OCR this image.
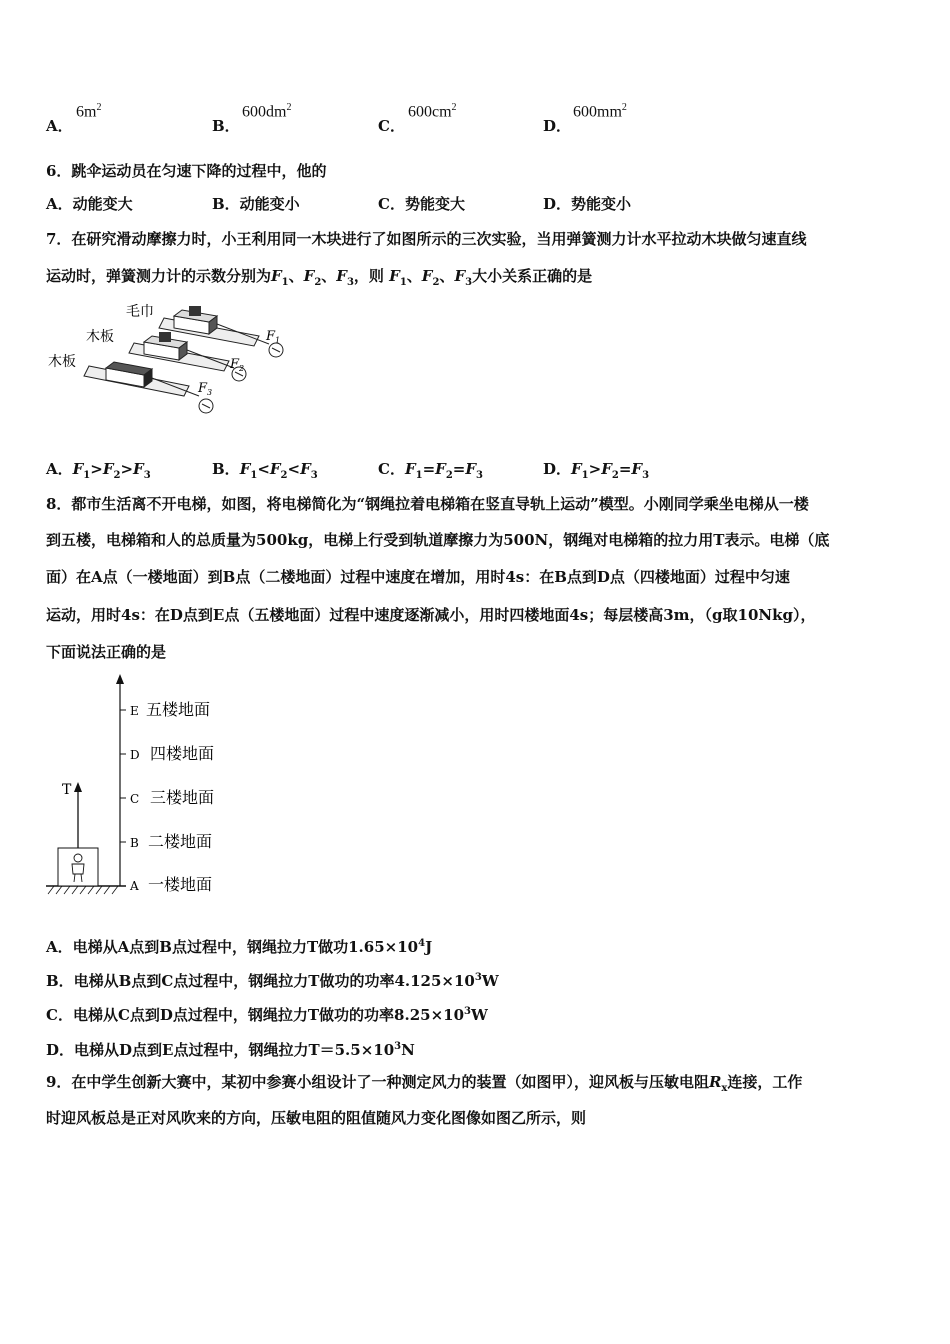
A．
$6m^2$
B．
$600dm^2$
C．
$600cm^2$
D．
$600mm^2$
6．跳伞运动员在匀速下降的过程中，他的
A．动能变大	B．动能变小	C．势能变大	D．势能变小
7．在研究滑动摩擦力时，小王利用同一木块进行了如图所示的三次实验，当用弹簧测力计水平拉动木块做匀速直线
运动时，弹簧测力计的示数分别为$F_1$、$F_2$、$F_3$，则 $F_1$、$F_2$、$F_3$大小关系正确的是
毛巾
木板
木板
$F_1$
$F_2$
$F_3$
A．$F_1>F_2>F_3$	B．$F_1<F_2<F_3$	C．$F_1=F_2=F_3$	D．$F_1>F_2=F_3$
8．都市生活离不开电梯，如图，将电梯简化为“钢绳拉着电梯箱在竖直导轨上运动”模型。小刚同学乘坐电梯从一楼
到五楼，电梯箱和人的总质量为500kg，电梯上行受到轨道摩擦力为500N，钢绳对电梯箱的拉力用T表示。电梯（底
面）在A点（一楼地面）到B点（二楼地面）过程中速度在增加，用时4s：在B点到D点（四楼地面）过程中匀速
运动，用时4s：在D点到E点（五楼地面）过程中速度逐渐减小，用时四楼地面4s；每层楼高3m，（g取10Nkg），
下面说法正确的是
T
E
D
C
B
A
五楼地面
四楼地面
三楼地面
二楼地面
一楼地面
A．电梯从A点到B点过程中，钢绳拉力T做功$1.65\times 10^4J$
B．电梯从B点到C点过程中，钢绳拉力T做功的功率$4.125\times 10^3W$
C．电梯从C点到D点过程中，钢绳拉力T做功的功率$8.25\times 10^3W$
D．电梯从D点到E点过程中，钢绳拉力$T=5.5\times 10^3N$
9．在中学生创新大赛中，某初中参赛小组设计了一种测定风力的装置（如图甲），迎风板与压敏电阻$R_x$连接，工作
时迎风板总是正对风吹来的方向，压敏电阻的阻值随风力变化图像如图乙所示，则
